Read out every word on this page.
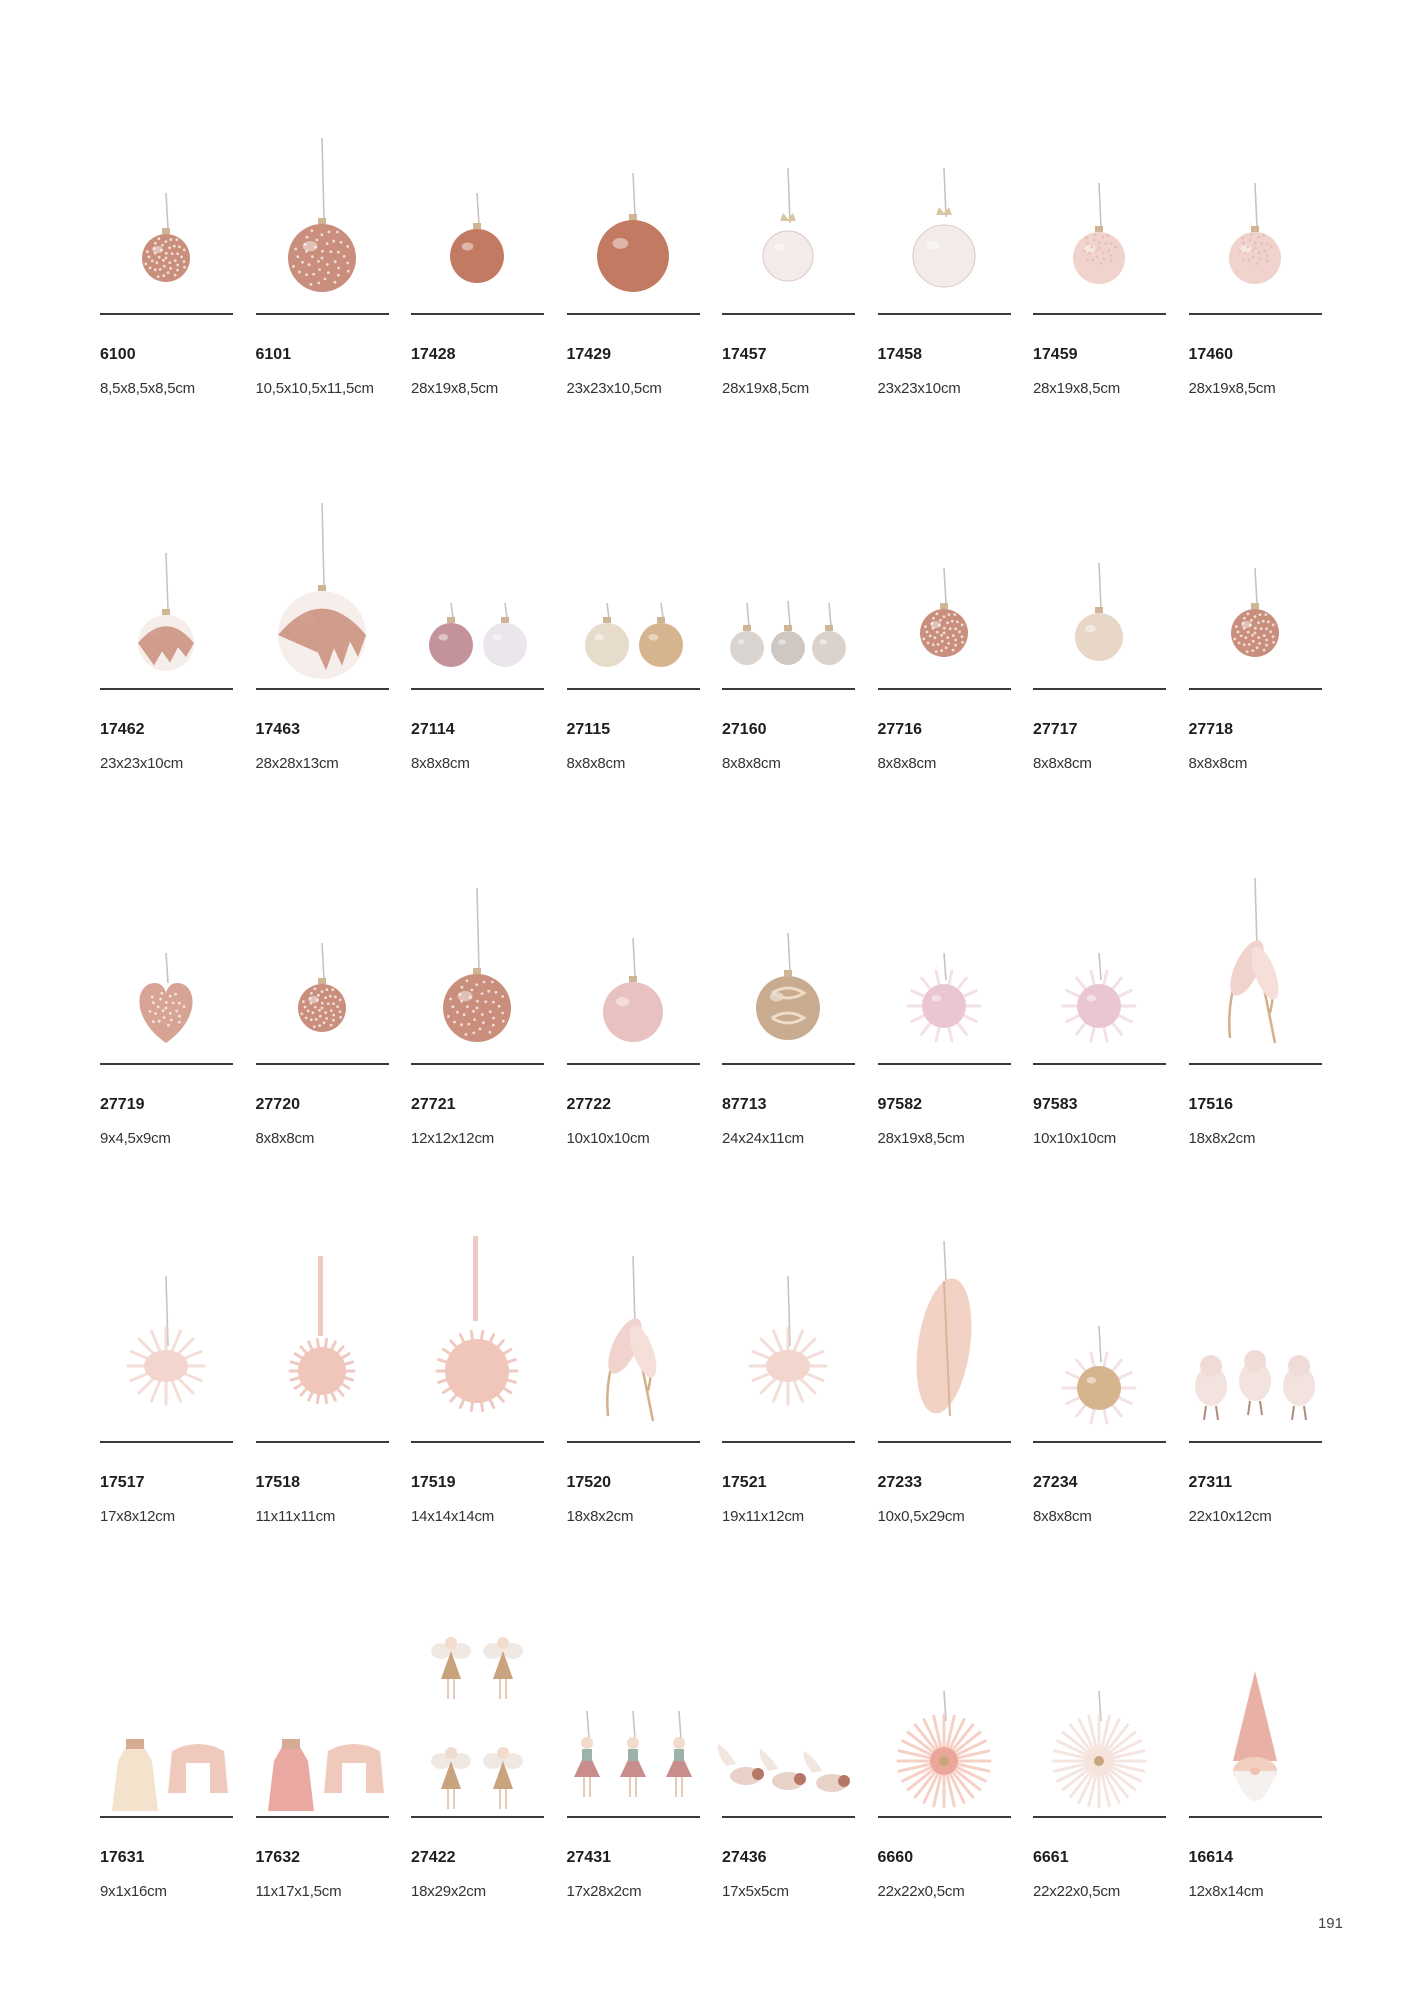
6100
8,5x8,5x8,5cm
6101
10,5x10,5x11,5cm
17428
28x19x8,5cm
17429
23x23x10,5cm
17457
28x19x8,5cm
17458
23x23x10cm
17459
28x19x8,5cm
17460
28x19x8,5cm
17462
23x23x10cm
17463
28x28x13cm
27114
8x8x8cm
27115
8x8x8cm
27160
8x8x8cm
27716
8x8x8cm
27717
8x8x8cm
27718
8x8x8cm
27719
9x4,5x9cm
27720
8x8x8cm
27721
12x12x12cm
27722
10x10x10cm
87713
24x24x11cm
97582
28x19x8,5cm
97583
10x10x10cm
17516
18x8x2cm
17517
17x8x12cm
17518
11x11x11cm
17519
14x14x14cm
17520
18x8x2cm
17521
19x11x12cm
27233
10x0,5x29cm
27234
8x8x8cm
27311
22x10x12cm
17631
9x1x16cm
17632
11x17x1,5cm
27422
18x29x2cm
27431
17x28x2cm
27436
17x5x5cm
6660
22x22x0,5cm
6661
22x22x0,5cm
16614
12x8x14cm
191
